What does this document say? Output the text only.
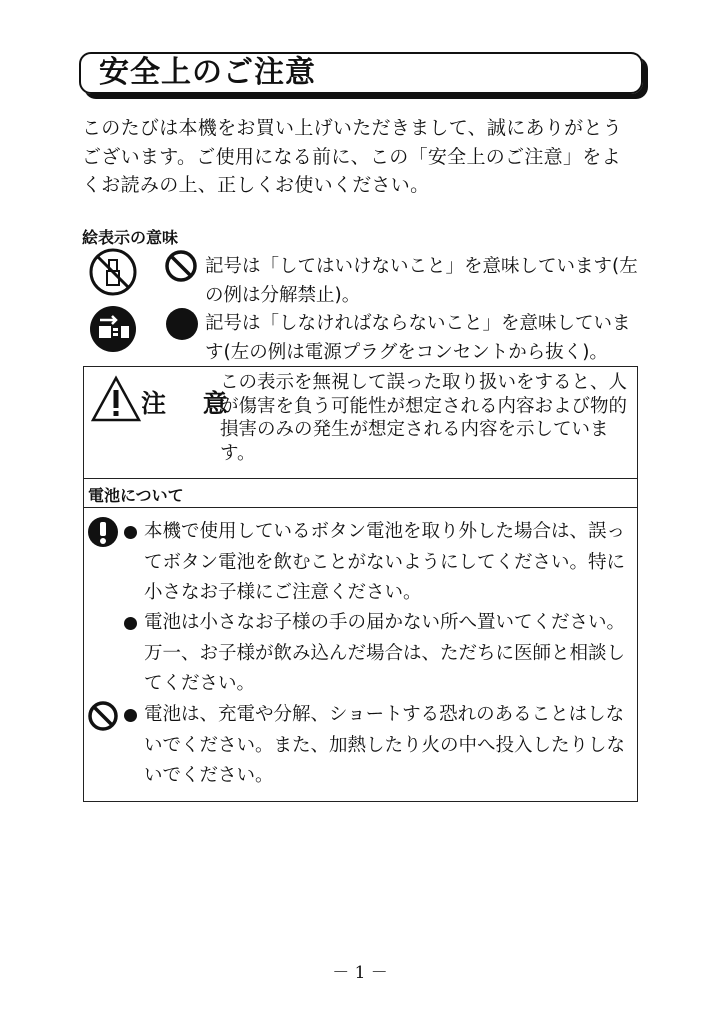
安全上のご注意
このたびは本機をお買い上げいただきまして、誠にありがとうございます。ご使用になる前に、この「安全上のご注意」をよくお読みの上、正しくお使いください。
絵表示の意味
記号は「してはいけないこと」を意味しています(左の例は分解禁止)。
記号は「しなければならないこと」を意味しています(左の例は電源プラグをコンセントから抜く)。
注 意
この表示を無視して誤った取り扱いをすると、人が傷害を負う可能性が想定される内容および物的損害のみの発生が想定される内容を示しています。
電池について
本機で使用しているボタン電池を取り外した場合は、誤ってボタン電池を飲むことがないようにしてください。特に小さなお子様にご注意ください。
電池は小さなお子様の手の届かない所へ置いてください。万一、お子様が飲み込んだ場合は、ただちに医師と相談してください。
電池は、充電や分解、ショートする恐れのあることはしないでください。また、加熱したり火の中へ投入したりしないでください。
－ 1 －
